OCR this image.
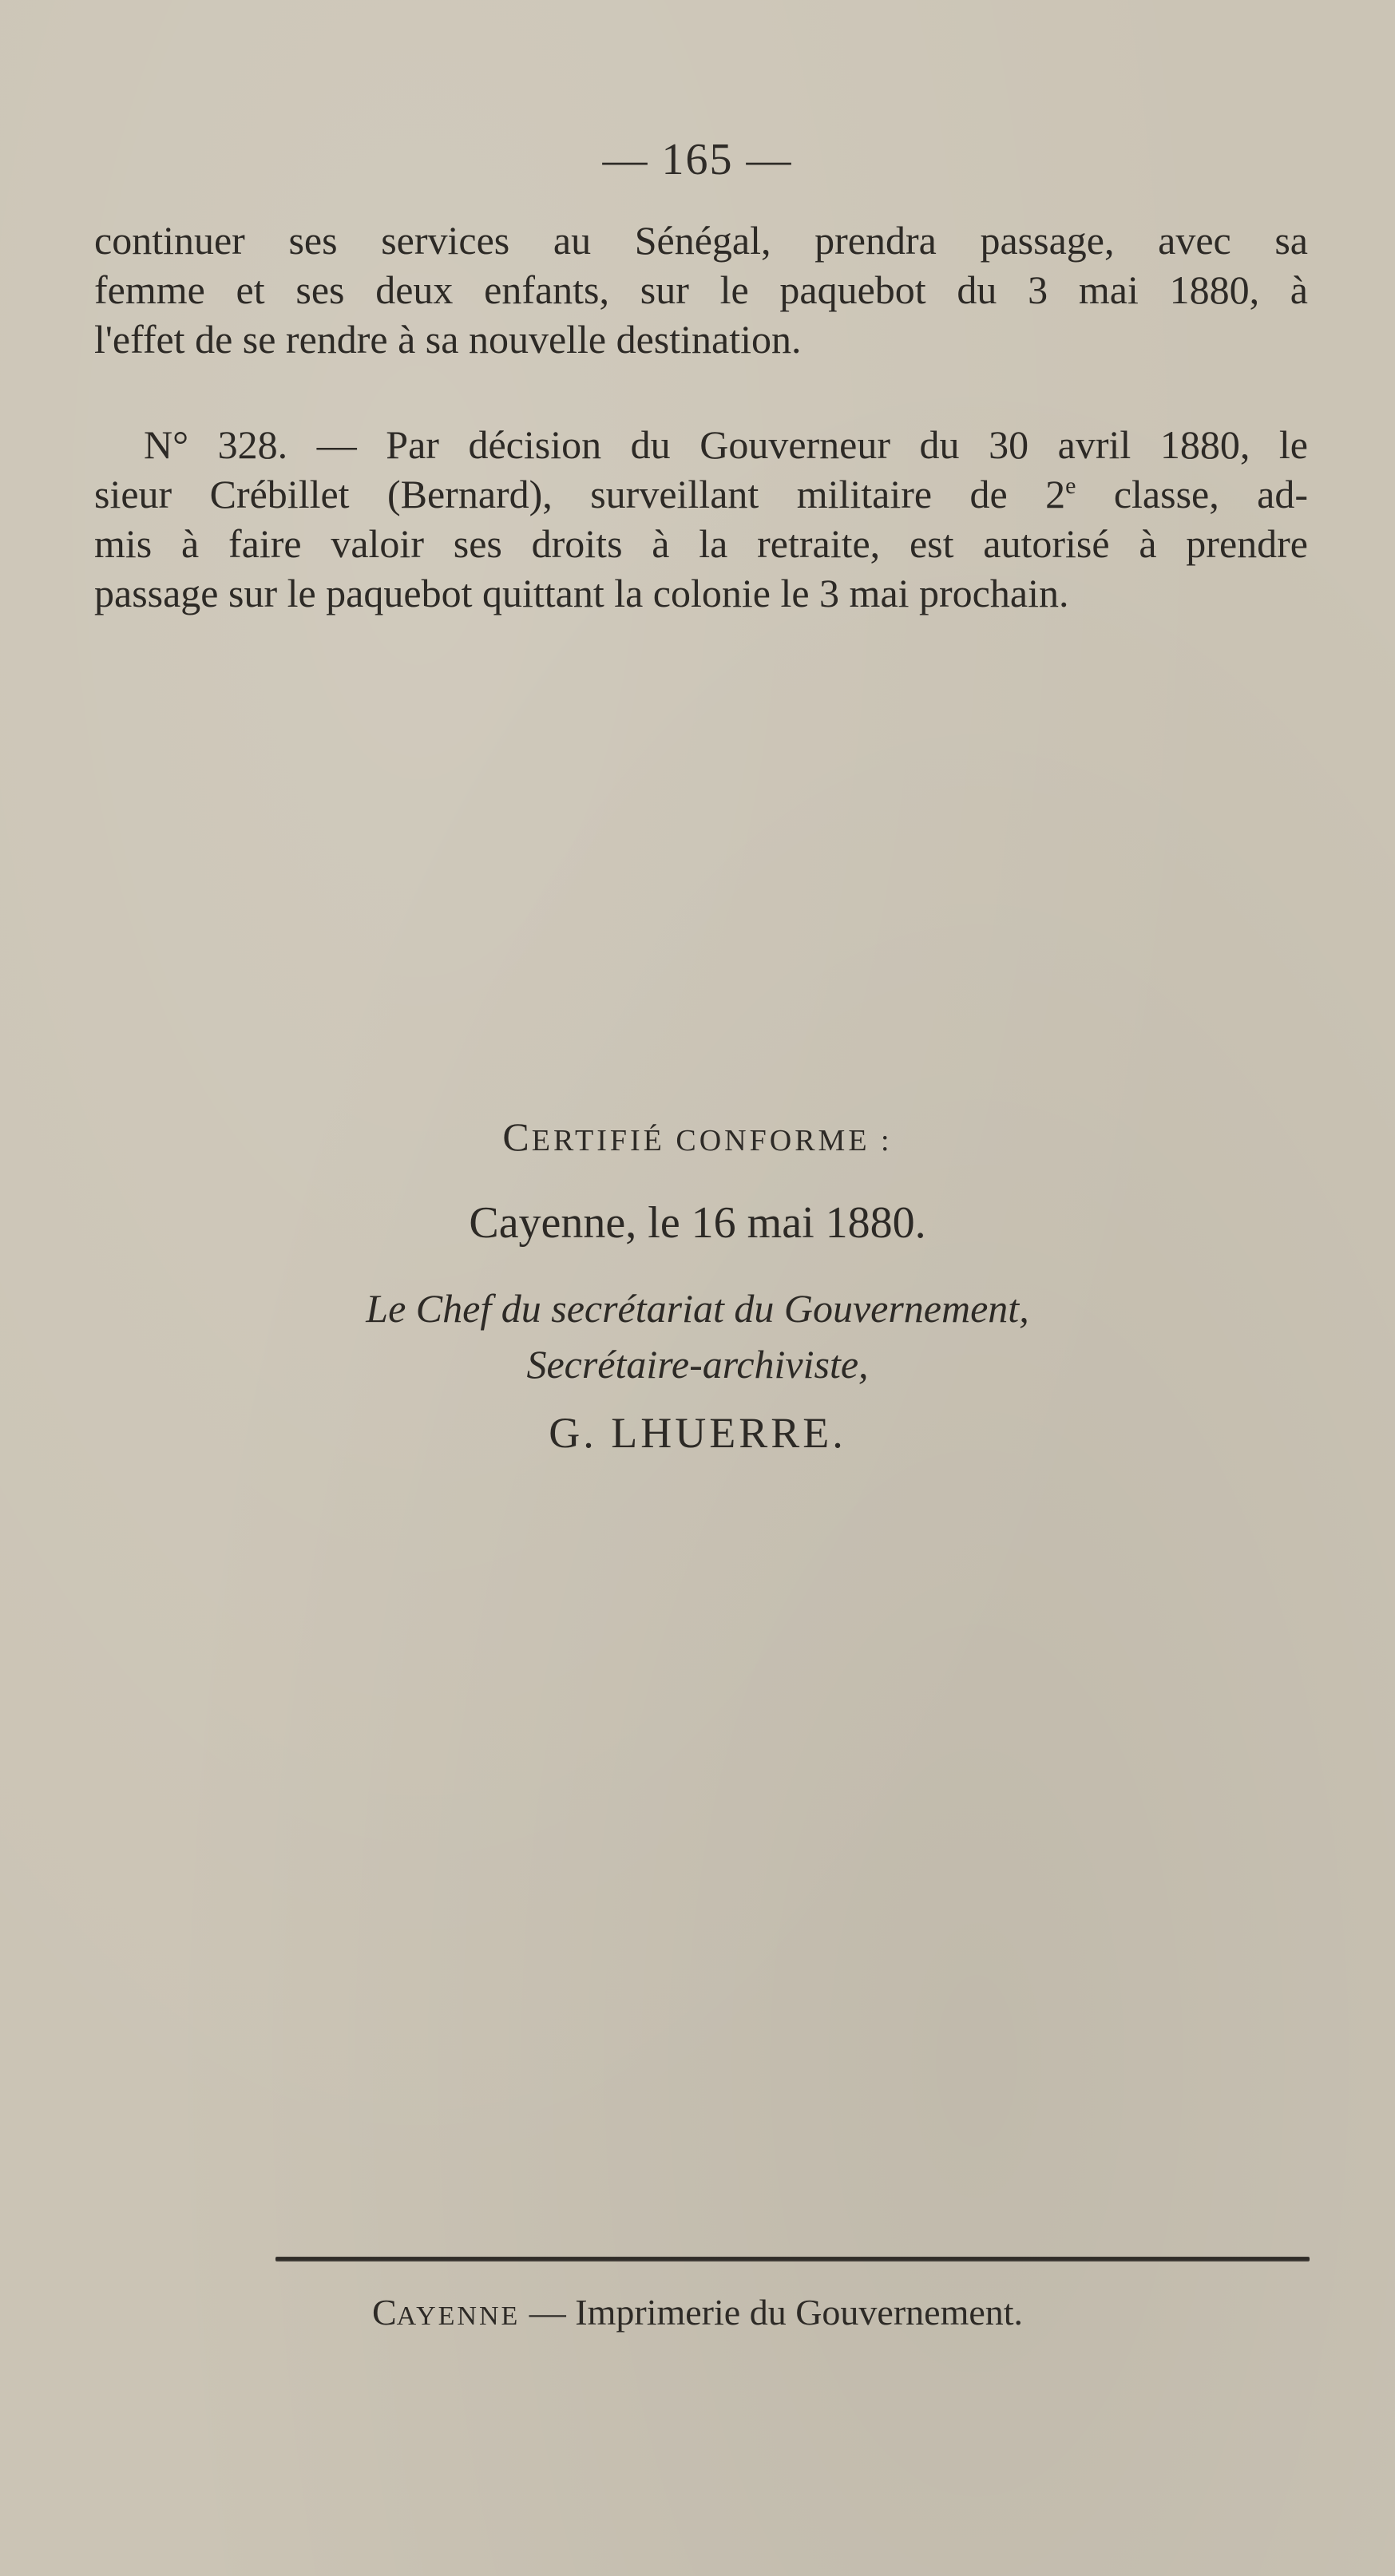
— 165 —
continuer ses services au Sénégal, prendra passage, avec sa
femme et ses deux enfants, sur le paquebot du 3 mai 1880, à
l'effet de se rendre à sa nouvelle destination.
N° 328. — Par décision du Gouverneur du 30 avril 1880, le
sieur Crébillet (Bernard), surveillant militaire de 2e classe, ad-
mis à faire valoir ses droits à la retraite, est autorisé à prendre
passage sur le paquebot quittant la colonie le 3 mai prochain.
CERTIFIÉ CONFORME :
Cayenne, le 16 mai 1880.
Le Chef du secrétariat du Gouvernement,
Secrétaire-archiviste,
G. LHUERRE.
CAYENNE — Imprimerie du Gouvernement.
